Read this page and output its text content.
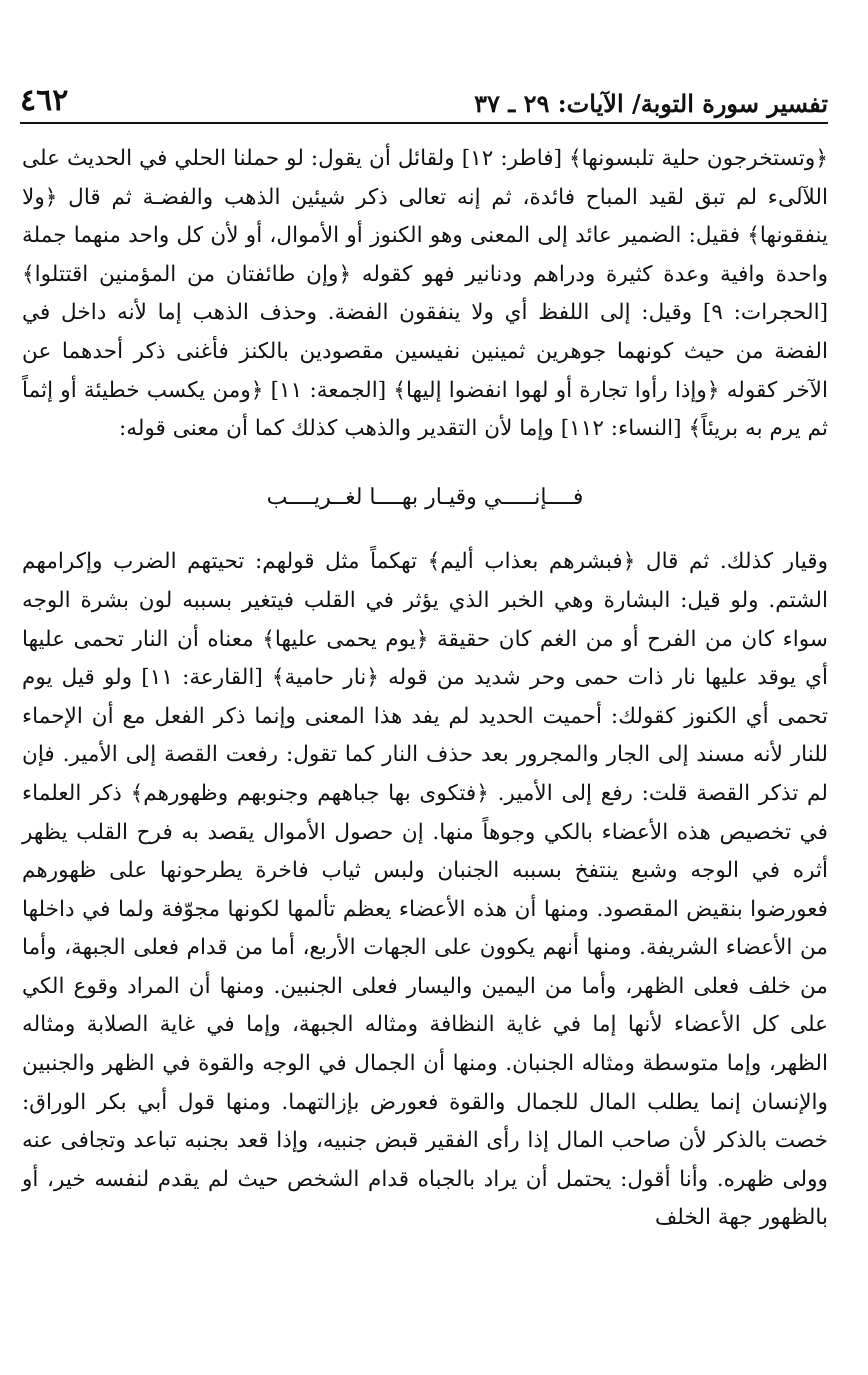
تفسير سورة التوبة/ الآيات: ٢٩ ـ ٣٧
٤٦٢

﴿وتستخرجون حلية تلبسونها﴾ [فاطر: ١٢] ولقائل أن يقول: لو حملنا الحلي في الحديث على اللآلىء لم تبق لقيد المباح فائدة، ثم إنه تعالى ذكر شيئين الذهب والفضـة ثم قال ﴿ولا ينفقونها﴾ فقيل: الضمير عائد إلى المعنى وهو الكنوز أو الأموال، أو لأن كل واحد منهما جملة واحدة وافية وعدة كثيرة ودراهم ودنانير فهو كقوله ﴿وإن طائفتان من المؤمنين اقتتلوا﴾ [الحجرات: ٩] وقيل: إلى اللفظ أي ولا ينفقون الفضة. وحذف الذهب إما لأنه داخل في الفضة من حيث كونهما جوهرين ثمينين نفيسين مقصودين بالكنز فأغنى ذكر أحدهما عن الآخر كقوله ﴿وإذا رأوا تجارة أو لهوا انفضوا إليها﴾ [الجمعة: ١١] ﴿ومن يكسب خطيئة أو إثماً ثم يرم به بريئاً﴾ [النساء: ١١٢] وإما لأن التقدير والذهب كذلك كما أن معنى قوله:

فــــإنـــــي وقيـار بهــــا لغــريــــب

وقيار كذلك. ثم قال ﴿فبشرهم بعذاب أليم﴾ تهكماً مثل قولهم: تحيتهم الضرب وإكرامهم الشتم. ولو قيل: البشارة وهي الخبر الذي يؤثر في القلب فيتغير بسببه لون بشرة الوجه سواء كان من الفرح أو من الغم كان حقيقة ﴿يوم يحمى عليها﴾ معناه أن النار تحمى عليها أي يوقد عليها نار ذات حمى وحر شديد من قوله ﴿نار حامية﴾ [القارعة: ١١] ولو قيل يوم تحمى أي الكنوز كقولك: أحميت الحديد لم يفد هذا المعنى وإنما ذكر الفعل مع أن الإحماء للنار لأنه مسند إلى الجار والمجرور بعد حذف النار كما تقول: رفعت القصة إلى الأمير. فإن لم تذكر القصة قلت: رفع إلى الأمير. ﴿فتكوى بها جباههم وجنوبهم وظهورهم﴾ ذكر العلماء في تخصيص هذه الأعضاء بالكي وجوهاً منها. إن حصول الأموال يقصد به فرح القلب يظهر أثره في الوجه وشبع ينتفخ بسببه الجنبان ولبس ثياب فاخرة يطرحونها على ظهورهم فعورضوا بنقيض المقصود. ومنها أن هذه الأعضاء يعظم تألمها لكونها مجوّفة ولما في داخلها من الأعضاء الشريفة. ومنها أنهم يكوون على الجهات الأربع، أما من قدام فعلى الجبهة، وأما من خلف فعلى الظهر، وأما من اليمين واليسار فعلى الجنبين. ومنها أن المراد وقوع الكي على كل الأعضاء لأنها إما في غاية النظافة ومثاله الجبهة، وإما في غاية الصلابة ومثاله الظهر، وإما متوسطة ومثاله الجنبان. ومنها أن الجمال في الوجه والقوة في الظهر والجنبين والإنسان إنما يطلب المال للجمال والقوة فعورض بإزالتهما. ومنها قول أبي بكر الوراق: خصت بالذكر لأن صاحب المال إذا رأى الفقير قبض جنبيه، وإذا قعد بجنبه تباعد وتجافى عنه وولى ظهره. وأنا أقول: يحتمل أن يراد بالجباه قدام الشخص حيث لم يقدم لنفسه خير، أو بالظهور جهة الخلف
